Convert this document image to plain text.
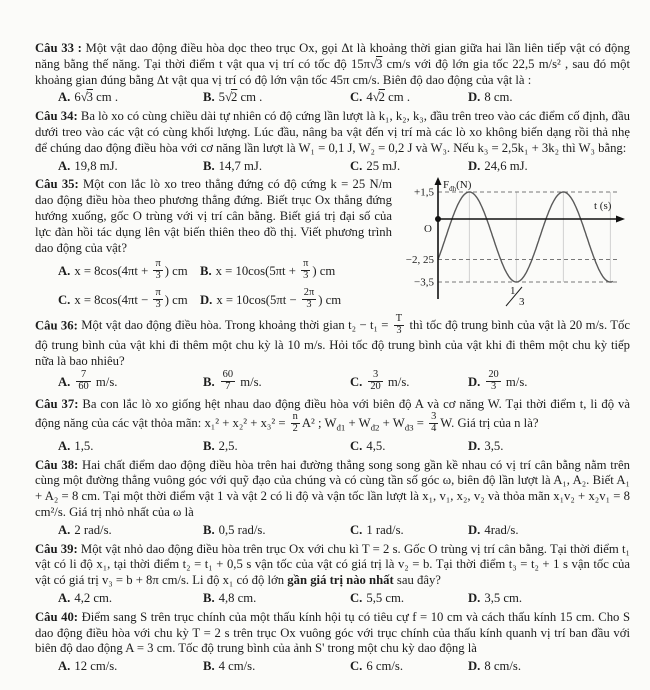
Câu 33 : Một vật dao động điều hòa dọc theo trục Ox, gọi Δt là khoảng thời gian giữa hai lần liên tiếp vật có động năng bằng thế năng. Tại thời điểm t vật qua vị trí có tốc độ 15π√3 cm/s với độ lớn gia tốc 22,5 m/s² , sau đó một khoảng gian đúng bằng Δt vật qua vị trí có độ lớn vận tốc 45π cm/s. Biên độ dao động của vật là :
A. 6√3 cm .	B. 5√2 cm .	C. 4√2 cm .	D. 8 cm.
Câu 34: Ba lò xo có cùng chiều dài tự nhiên có độ cứng lần lượt là k₁, k₂, k₃, đầu trên treo vào các điểm cố định, đầu dưới treo vào các vật có cùng khối lượng. Lúc đầu, nâng ba vật đến vị trí mà các lò xo không biến dạng rồi thả nhẹ để chúng dao động điều hòa với cơ năng lần lượt là W₁ = 0,1 J, W₂ = 0,2 J và W₃. Nếu k₃ = 2,5k₁ + 3k₂ thì W₃ bằng:
A. 19,8 mJ.	B. 14,7 mJ.	C. 25 mJ.	D. 24,6 mJ.
$F_{đh}(N)$
t (s)
O
+1,5
−2, 25
−3,5
1
3
Câu 35: Một con lắc lò xo treo thẳng đứng có độ cứng k = 25 N/m dao động điều hòa theo phương thẳng đứng. Biết trục Ox thẳng đứng hướng xuống, gốc O trùng với vị trí cân bằng. Biết giá trị đại số của lực đàn hồi tác dụng lên vật biến thiên theo đồ thị. Viết phương trình dao động của vật?
A. $x = 8\cos(4\pi t + \frac{\pi}{3}$ ) cm B. $x = 10\cos(5\pi t + \frac{\pi}{3}$ ) cm
C. $x = 8\cos(4\pi t - \frac{\pi}{3}$ ) cm D. $x = 10\cos(5\pi t - \frac{2\pi}{3}$ ) cm
Câu 36: Một vật dao động điều hòa. Trong khoảng thời gian $t_2 - t_1 = \frac{T}{3}$ thì tốc độ trung bình của vật là 20 m/s. Tốc độ trung bình của vật khi đi thêm một chu kỳ là 10 m/s. Hỏi tốc độ trung bình của vật khi đi thêm một chu kỳ tiếp nữa là bao nhiêu?
A. $\frac{7}{60} m/s$.	B. $\frac{60}{7} m/s$.	C. $\frac{3}{20} m/s$.	D. $\frac{20}{3} m/s$.
Câu 37: Ba con lắc lò xo giống hệt nhau dao động điều hòa với biên độ A và cơ năng W. Tại thời điểm t, li độ và động năng của các vật thỏa mãn: $x_1^2 + x_2^2 + x_3^2 = \frac{n}{2} A^2$ ; $W_{đ1} + W_{đ2} + W_{đ3} = \frac{3}{4} W$. Giá trị của n là?
A. 1,5.	B. 2,5.	C. 4,5.	D. 3,5.
Câu 38: Hai chất điểm dao động điều hòa trên hai đường thẳng song song gần kề nhau có vị trí cân bằng nằm trên cùng một đường thẳng vuông góc với quỹ đạo của chúng và có cùng tần số góc ω, biên độ lần lượt là A₁, A₂. Biết A₁ + A₂ = 8 cm. Tại một thời điểm vật 1 và vật 2 có li độ và vận tốc lần lượt là x₁, v₁, x₂, v₂ và thỏa mãn x₁v₂ + x₂v₁ = 8 cm²/s. Giá trị nhỏ nhất của ω là
A. 2 rad/s.	B. 0,5 rad/s.	C. 1 rad/s.	D. 4rad/s.
Câu 39: Một vật nhỏ dao động điều hòa trên trục Ox với chu kì T = 2 s. Gốc O trùng vị trí cân bằng. Tại thời điểm t₁ vật có li độ x₁, tại thời điểm t₂ = t₁ + 0,5 s vận tốc của vật có giá trị là v₂ = b. Tại thời điểm t₃ = t₂ + 1 s vận tốc của vật có giá trị v₃ = b + 8π cm/s. Li độ x₁ có độ lớn gần giá trị nào nhất sau đây?
A. 4,2 cm.	B. 4,8 cm.	C. 5,5 cm.	D. 3,5 cm.
Câu 40: Điểm sang S trên trục chính của một thấu kính hội tụ có tiêu cự f = 10 cm và cách thấu kính 15 cm. Cho S dao động điều hòa với chu kỳ T = 2 s trên trục Ox vuông góc với trục chính của thấu kính quanh vị trí ban đầu với biên độ dao động A = 3 cm. Tốc độ trung bình của ảnh S' trong một chu kỳ dao động là
A. 12 cm/s.	B. 4 cm/s.	C. 6 cm/s.	D. 8 cm/s.
